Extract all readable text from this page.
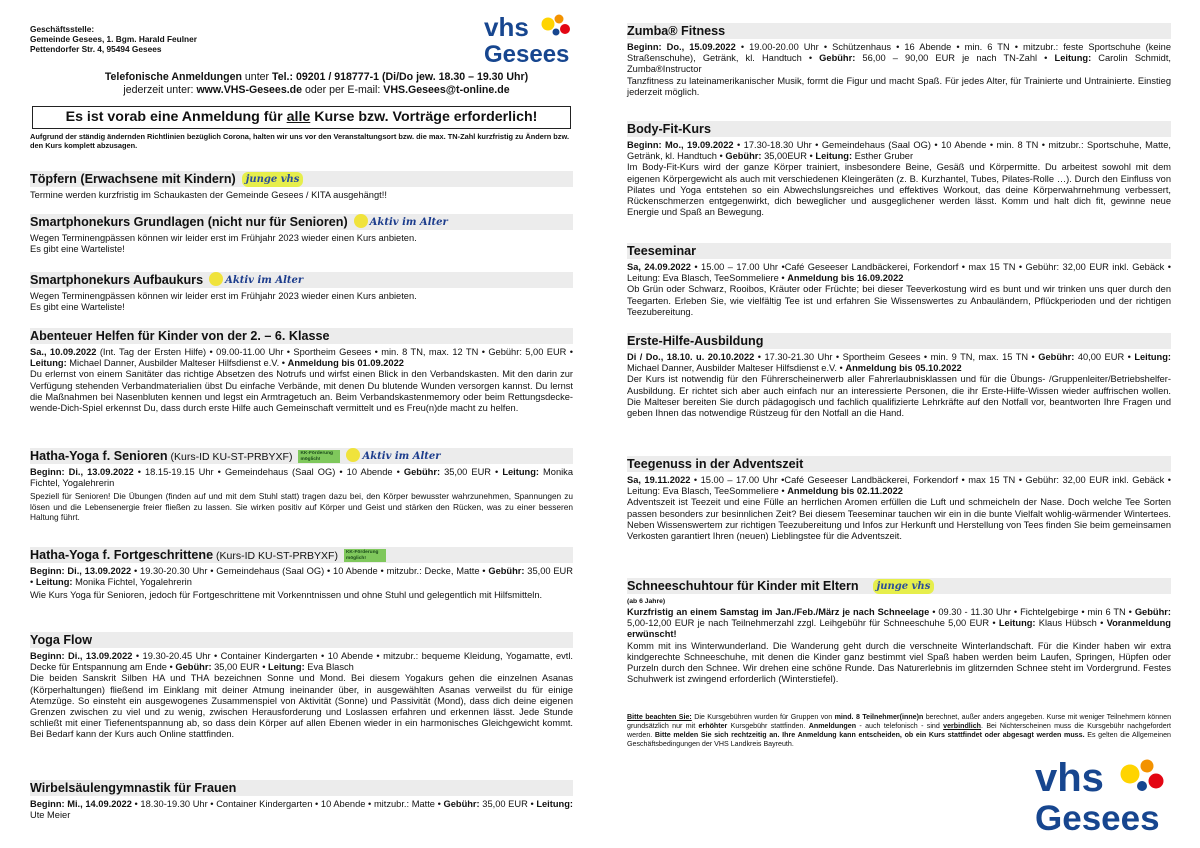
Geschäftsstelle:
Gemeinde Gesees, 1. Bgm. Harald Feulner
Pettendorfer Str. 4, 95494 Gesees
vhs
Gesees
Telefonische Anmeldungen unter Tel.: 09201 / 918777-1 (Di/Do jew. 18.30 – 19.30 Uhr)
jederzeit unter: www.VHS-Gesees.de oder per E-mail: VHS.Gesees@t-online.de
Es ist vorab eine Anmeldung für alle Kurse bzw. Vorträge erforderlich!
Aufgrund der ständig ändernden Richtlinien bezüglich Corona, halten wir uns vor den Veranstaltungsort bzw. die max. TN-Zahl kurzfristig zu Ändern bzw. den Kurs komplett abzusagen.
Töpfern (Erwachsene mit Kindern) junge vhs
Termine werden kurzfristig im Schaukasten der Gemeinde Gesees / KITA ausgehängt!!
Smartphonekurs Grundlagen (nicht nur für Senioren) Aktiv im Alter
Wegen Terminengpässen können wir leider erst im Frühjahr 2023 wieder einen Kurs anbieten.
Es gibt eine Warteliste!
Smartphonekurs Aufbaukurs Aktiv im Alter
Wegen Terminengpässen können wir leider erst im Frühjahr 2023 wieder einen Kurs anbieten.
Es gibt eine Warteliste!
Abenteuer Helfen für Kinder von der 2. – 6. Klasse
Sa., 10.09.2022 (Int. Tag der Ersten Hilfe) • 09.00-11.00 Uhr • Sportheim Gesees • min. 8 TN, max. 12 TN • Gebühr: 5,00 EUR • Leitung: Michael Danner, Ausbilder Malteser Hilfsdienst e.V. • Anmeldung bis 01.09.2022
Du erlernst von einem Sanitäter das richtige Absetzen des Notrufs und wirfst einen Blick in den Verbandskasten. Mit den darin zur Verfügung stehenden Verbandmaterialien übst Du einfache Verbände, mit denen Du blutende Wunden versorgen kannst. Du lernst die Maßnahmen bei Nasenbluten kennen und legst ein Armtragetuch an. Beim Verbandskastenmemory oder beim Rettungsdecke-wende-Dich-Spiel erkennst Du, dass durch erste Hilfe auch Gemeinschaft vermittelt und es Freu(n)de macht zu helfen.
Hatha-Yoga f. Senioren (Kurs-ID KU-ST-PRBYXF) KK-Förderung möglich!	Aktiv im Alter
Beginn: Di., 13.09.2022 • 18.15-19.15 Uhr • Gemeindehaus (Saal OG) • 10 Abende • Gebühr: 35,00 EUR • Leitung: Monika Fichtel, Yogalehrerin
Speziell für Senioren! Die Übungen (finden auf und mit dem Stuhl statt) tragen dazu bei, den Körper bewusster wahrzunehmen, Spannungen zu lösen und die Lebensenergie freier fließen zu lassen. Sie wirken positiv auf Körper und Geist und stärken den Rücken, was zu einer besseren Haltung führt.
Hatha-Yoga f. Fortgeschrittene (Kurs-ID KU-ST-PRBYXF) KK-Förderung möglich!
Beginn: Di., 13.09.2022 • 19.30-20.30 Uhr • Gemeindehaus (Saal OG) • 10 Abende • mitzubr.: Decke, Matte • Gebühr: 35,00 EUR • Leitung: Monika Fichtel, Yogalehrerin
Wie Kurs Yoga für Senioren, jedoch für Fortgeschrittene mit Vorkenntnissen und ohne Stuhl und gelegentlich mit Hilfsmitteln.
Yoga Flow
Beginn: Di., 13.09.2022 • 19.30-20.45 Uhr • Container Kindergarten • 10 Abende • mitzubr.: bequeme Kleidung, Yogamatte, evtl. Decke für Entspannung am Ende • Gebühr: 35,00 EUR • Leitung: Eva Blasch
Die beiden Sanskrit Silben HA und THA bezeichnen Sonne und Mond. Bei diesem Yogakurs gehen die einzelnen Asanas (Körperhaltungen) fließend im Einklang mit deiner Atmung ineinander über, in ausgewählten Asanas verweilst du für einige Atemzüge. So einsteht ein ausgewogenes Zusammenspiel von Aktivität (Sonne) und Passivität (Mond), dass dich deine eigenen Grenzen zwischen zu viel und zu wenig, zwischen Herausforderung und Loslassen erfahren und erkennen lässt. Jede Stunde schließt mit einer Tiefenentspannung ab, so dass dein Körper auf allen Ebenen wieder in ein harmonisches Gleichgewicht kommt. Bei Bedarf kann der Kurs auch Online stattfinden.
Wirbelsäulengymnastik für Frauen
Beginn: Mi., 14.09.2022 • 18.30-19.30 Uhr • Container Kindergarten • 10 Abende • mitzubr.: Matte • Gebühr: 35,00 EUR • Leitung: Ute Meier
Zumba® Fitness
Beginn: Do., 15.09.2022 • 19.00-20.00 Uhr • Schützenhaus • 16 Abende • min. 6 TN • mitzubr.: feste Sportschuhe (keine Straßenschuhe), Getränk, kl. Handtuch • Gebühr: 56,00 – 90,00 EUR je nach TN-Zahl • Leitung: Carolin Schmidt, Zumba®Instructor
Tanzfitness zu lateinamerikanischer Musik, formt die Figur und macht Spaß. Für jedes Alter, für Trainierte und Untrainierte. Einstieg jederzeit möglich.
Body-Fit-Kurs
Beginn: Mo., 19.09.2022 • 17.30-18.30 Uhr • Gemeindehaus (Saal OG) • 10 Abende • min. 8 TN • mitzubr.: Sportschuhe, Matte, Getränk, kl. Handtuch • Gebühr: 35,00EUR • Leitung: Esther Gruber
Im Body-Fit-Kurs wird der ganze Körper trainiert, insbesondere Beine, Gesäß und Körpermitte. Du arbeitest sowohl mit dem eigenen Körpergewicht als auch mit verschiedenen Kleingeräten (z. B. Kurzhantel, Tubes, Pilates-Rolle …). Durch den Einfluss von Pilates und Yoga entstehen so ein Abwechslungsreiches und effektives Workout, das deine Körperwahrnehmung verbessert, Rückenschmerzen entgegenwirkt, dich beweglicher und ausgeglichener werden lässt. Komm und halt dich fit, gewinne neue Energie und Spaß an Bewegung.
Teeseminar
Sa, 24.09.2022 • 15.00 – 17.00 Uhr •Café Geseeser Landbäckerei, Forkendorf • max 15 TN • Gebühr: 32,00 EUR inkl. Gebäck • Leitung: Eva Blasch, TeeSommeliere • Anmeldung bis 16.09.2022
Ob Grün oder Schwarz, Rooibos, Kräuter oder Früchte; bei dieser Teeverkostung wird es bunt und wir trinken uns quer durch den Teegarten. Erleben Sie, wie vielfältig Tee ist und erfahren Sie Wissenswertes zu Anbauländern, Pflückperioden und der richtigen Teezubereitung.
Erste-Hilfe-Ausbildung
Di / Do., 18.10. u. 20.10.2022 • 17.30-21.30 Uhr • Sportheim Gesees • min. 9 TN, max. 15 TN • Gebühr: 40,00 EUR • Leitung: Michael Danner, Ausbilder Malteser Hilfsdienst e.V. • Anmeldung bis 05.10.2022
Der Kurs ist notwendig für den Führerscheinerwerb aller Fahrerlaubnisklassen und für die Übungs- /Gruppenleiter/Betriebshelfer-Ausbildung. Er richtet sich aber auch einfach nur an interessierte Personen, die ihr Erste-Hilfe-Wissen wieder auffrischen wollen. Die Malteser bereiten Sie durch pädagogisch und fachlich qualifizierte Lehrkräfte auf den Notfall vor, beantworten Ihre Fragen und geben Ihnen das notwendige Rüstzeug für den Notfall an die Hand.
Teegenuss in der Adventszeit
Sa, 19.11.2022 • 15.00 – 17.00 Uhr •Café Geseeser Landbäckerei, Forkendorf • max 15 TN • Gebühr: 32,00 EUR inkl. Gebäck • Leitung: Eva Blasch, TeeSommeliere • Anmeldung bis 02.11.2022
Adventszeit ist Teezeit und eine Fülle an herrlichen Aromen erfüllen die Luft und schmeicheln der Nase. Doch welche Tee Sorten passen besonders zur besinnlichen Zeit? Bei diesem Teeseminar tauchen wir ein in die bunte Vielfalt wohlig-wärmender Wintertees. Neben Wissenswertem zur richtigen Teezubereitung und Infos zur Herkunft und Herstellung von Tees finden Sie beim gemeinsamen Verkosten garantiert Ihren (neuen) Lieblingstee für die Adventszeit.
Schneeschuhtour für Kinder mit Eltern junge vhs
(ab 6 Jahre)
Kurzfristig an einem Samstag im Jan./Feb./März je nach Schneelage • 09.30 - 11.30 Uhr • Fichtelgebirge • min 6 TN • Gebühr: 5,00-12,00 EUR je nach Teilnehmerzahl zzgl. Leihgebühr für Schneeschuhe 5,00 EUR • Leitung: Klaus Hübsch • Voranmeldung erwünscht!
Komm mit ins Winterwunderland. Die Wanderung geht durch die verschneite Winterlandschaft. Für die Kinder haben wir extra kindgerechte Schneeschuhe, mit denen die Kinder ganz bestimmt viel Spaß haben werden beim Laufen, Springen, Hüpfen oder Purzeln durch den Schnee. Wir drehen eine schöne Runde. Das Naturerlebnis im glitzernden Schnee steht im Vordergrund. Festes Schuhwerk ist zwingend erforderlich (Winterstiefel).
Bitte beachten Sie: Die Kursgebühren wurden für Gruppen von mind. 8 Teilnehmer(inne)n berechnet, außer anders angegeben. Kurse mit weniger Teilnehmern können grundsätzlich nur mit erhöhter Kursgebühr stattfinden. Anmeldungen - auch telefonisch - sind verbindlich. Bei Nichterscheinen muss die Kursgebühr nachgefordert werden. Bitte melden Sie sich rechtzeitig an. Ihre Anmeldung kann entscheiden, ob ein Kurs stattfindet oder abgesagt werden muss. Es gelten die Allgemeinen Geschäftsbedingungen der VHS Landkreis Bayreuth.
vhs
Gesees
